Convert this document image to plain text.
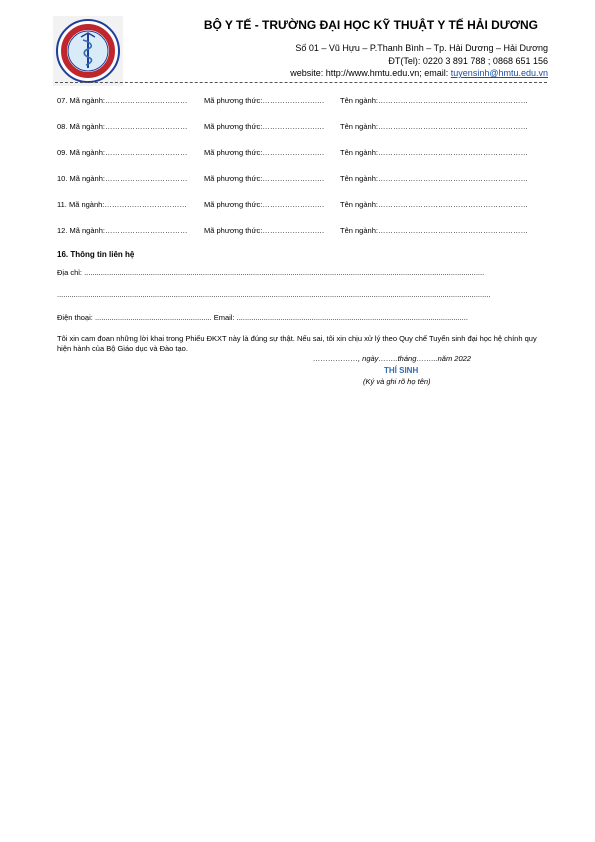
BỘ Y TẾ - TRƯỜNG ĐẠI HỌC KỸ THUẬT Y TẾ HẢI DƯƠNG
Số 01 – Vũ Hựu – P.Thanh Bình – Tp. Hải Dương – Hải Dương
ĐT(Tel): 0220 3 891 788 ; 0868 651 156
website: http://www.hmtu.edu.vn; email: tuyensinh@hmtu.edu.vn
07. Mã ngành:…………………………… Mã phương thức:………………….… Tên ngành:……………………………………………………
08. Mã ngành:…………………………… Mã phương thức:………………….… Tên ngành:……………………………………………………
09. Mã ngành:…………………………… Mã phương thức:………………….… Tên ngành:……………………………………………………
10. Mã ngành:…………………………… Mã phương thức:………………….… Tên ngành:……………………………………………………
11. Mã ngành:…………………………… Mã phương thức:………………….… Tên ngành:……………………………………………………
12. Mã ngành:…………………………… Mã phương thức:………………….… Tên ngành:……………………………………………………
16. Thông tin liên hệ
Địa chỉ: ................................................................................................................................................................................................
................................................................................................................................................................................................................
Điện thoại: ........................................................ Email: ...............................................................................................................
Tôi xin cam đoan những lời khai trong Phiếu ĐKXT này là đúng sự thật. Nếu sai, tôi xin chịu xử lý theo Quy chế Tuyển sinh đại học hệ chính quy hiện hành của Bộ Giáo dục và Đào tạo.
………………, ngày……..tháng……...năm 2022
THÍ SINH
(Ký và ghi rõ họ tên)
